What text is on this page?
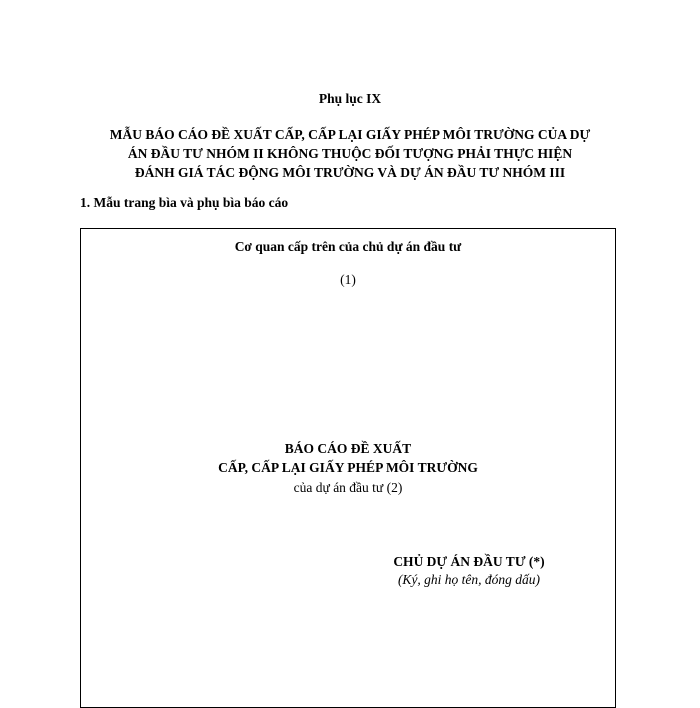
Phụ lục IX
MẪU BÁO CÁO ĐỀ XUẤT CẤP, CẤP LẠI GIẤY PHÉP MÔI TRƯỜNG CỦA DỰ
ÁN ĐẦU TƯ NHÓM II KHÔNG THUỘC ĐỐI TƯỢNG PHẢI THỰC HIỆN
ĐÁNH GIÁ TÁC ĐỘNG MÔI TRƯỜNG VÀ DỰ ÁN ĐẦU TƯ NHÓM III
1. Mẫu trang bìa và phụ bìa báo cáo
Cơ quan cấp trên của chủ dự án đầu tư
(1)
BÁO CÁO ĐỀ XUẤT
CẤP, CẤP LẠI GIẤY PHÉP MÔI TRƯỜNG
của dự án đầu tư (2)
CHỦ DỰ ÁN ĐẦU TƯ (*)
(Ký, ghi họ tên, đóng dấu)
